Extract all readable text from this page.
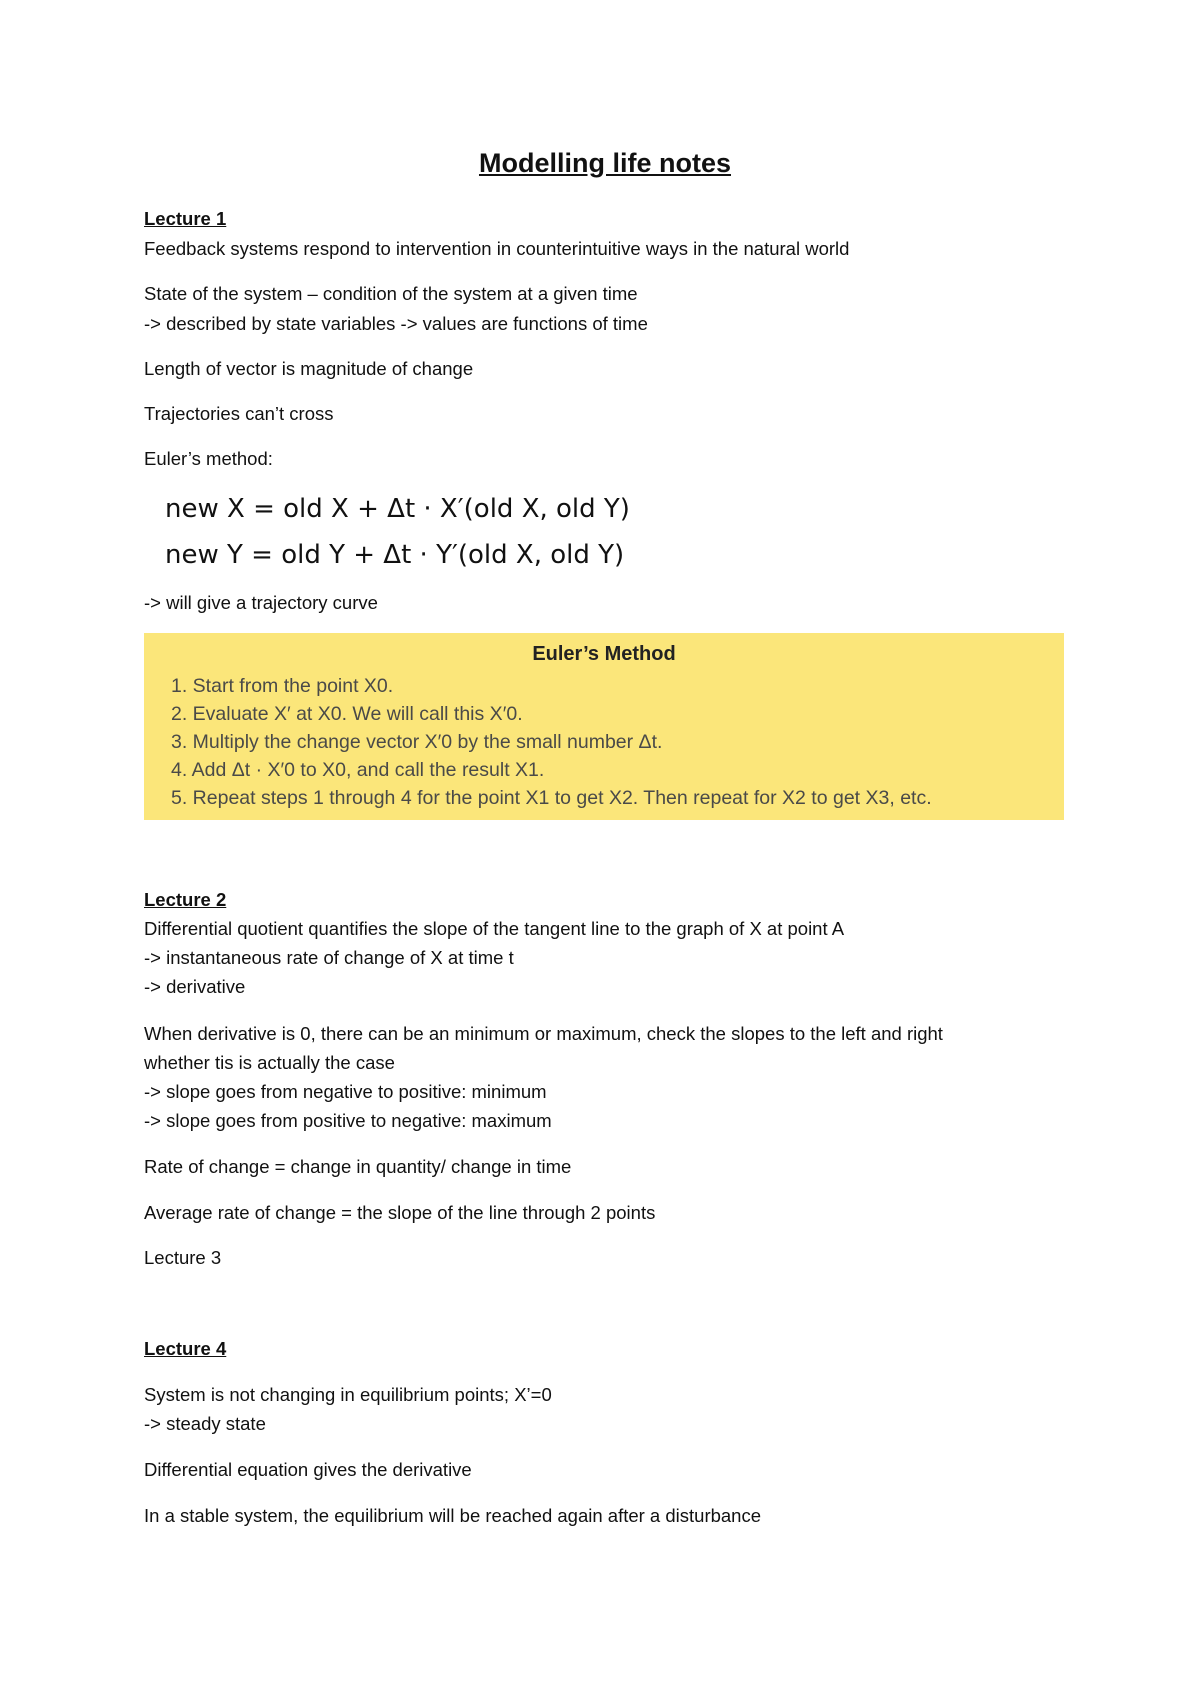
Modelling life notes
Lecture 1
Feedback systems respond to intervention in counterintuitive ways in the natural world
State of the system – condition of the system at a given time
-> described by state variables -> values are functions of time
Length of vector is magnitude of change
Trajectories can’t cross
Euler’s method:
new X = old X + Δt · X′(old X, old Y)
new Y = old Y + Δt · Y′(old X, old Y)
-> will give a trajectory curve
Euler’s Method
1. Start from the point X0.
2. Evaluate X′ at X0. We will call this X′0.
3. Multiply the change vector X′0 by the small number Δt.
4. Add Δt · X′0 to X0, and call the result X1.
5. Repeat steps 1 through 4 for the point X1 to get X2. Then repeat for X2 to get X3, etc.
Lecture 2
Differential quotient quantifies the slope of the tangent line to the graph of X at point A
-> instantaneous rate of change of X at time t
-> derivative
When derivative is 0, there can be an minimum or maximum, check the slopes to the left and right
whether tis is actually the case
-> slope goes from negative to positive: minimum
-> slope goes from positive to negative: maximum
Rate of change = change in quantity/ change in time
Average rate of change = the slope of the line through 2 points
Lecture 3
Lecture 4
System is not changing in equilibrium points; X’=0
-> steady state
Differential equation gives the derivative
In a stable system, the equilibrium will be reached again after a disturbance
